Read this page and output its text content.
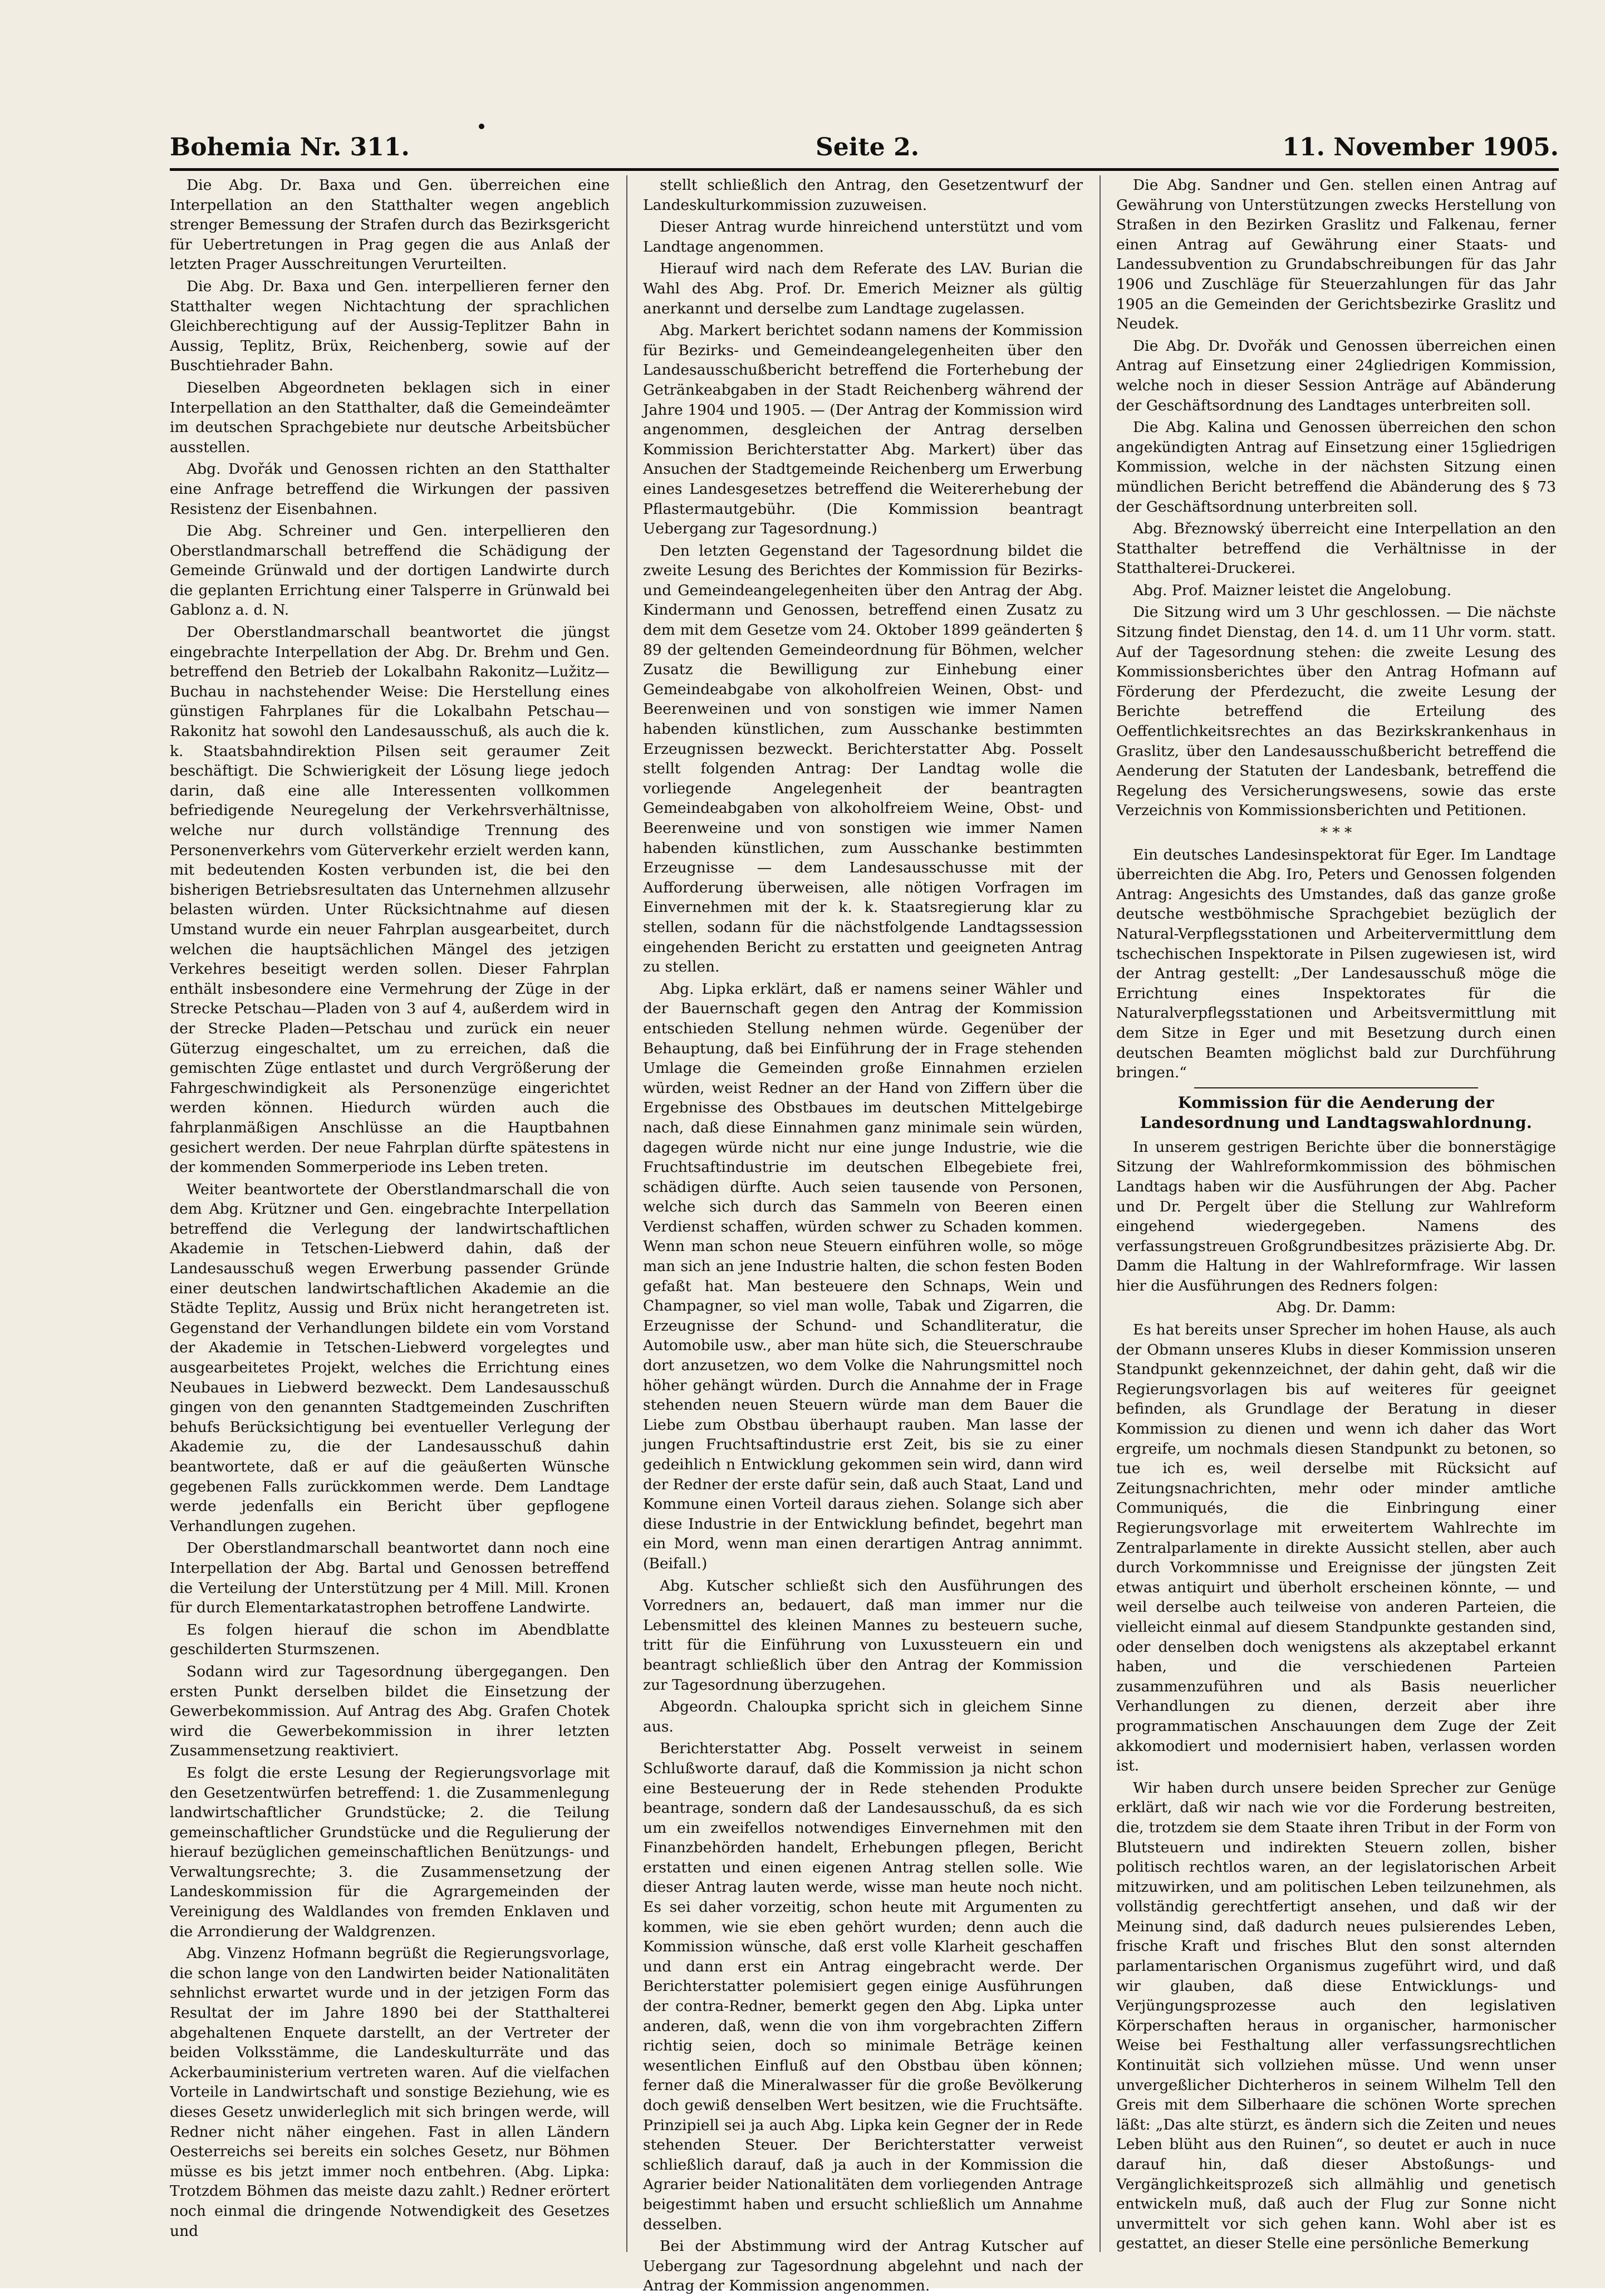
Bohemia Nr. 311.	Seite 2.	11. November 1905.

Die Abg. Dr. Baxa und Gen. überreichen eine Interpellation an den Statthalter wegen angeblich strenger Bemessung der Strafen durch das Bezirksgericht für Uebertretungen in Prag gegen die aus Anlaß der letzten Prager Ausschreitungen Verurteilten.

Die Abg. Dr. Baxa und Gen. interpellieren ferner den Statthalter wegen Nichtachtung der sprachlichen Gleichberechtigung auf der Aussig-Teplitzer Bahn in Aussig, Teplitz, Brüx, Reichenberg, sowie auf der Buschtiehrader Bahn.

Dieselben Abgeordneten beklagen sich in einer Interpellation an den Statthalter, daß die Gemeindeämter im deutschen Sprachgebiete nur deutsche Arbeitsbücher ausstellen.

Abg. Dvořák und Genossen richten an den Statthalter eine Anfrage betreffend die Wirkungen der passiven Resistenz der Eisenbahnen.

Die Abg. Schreiner und Gen. interpellieren den Oberstlandmarschall betreffend die Schädigung der Gemeinde Grünwald und der dortigen Landwirte durch die geplanten Errichtung einer Talsperre in Grünwald bei Gablonz a. d. N.

Der Oberstlandmarschall beantwortet die jüngst eingebrachte Interpellation der Abg. Dr. Brehm und Gen. betreffend den Betrieb der Lokalbahn Rakonitz—Lužitz—Buchau in nachstehender Weise: Die Herstellung eines günstigen Fahrplanes für die Lokalbahn Petschau—Rakonitz hat sowohl den Landesausschuß, als auch die k. k. Staatsbahndirektion Pilsen seit geraumer Zeit beschäftigt. Die Schwierigkeit der Lösung liege jedoch darin, daß eine alle Interessenten vollkommen befriedigende Neuregelung der Verkehrsverhältnisse, welche nur durch vollständige Trennung des Personenverkehrs vom Güterverkehr erzielt werden kann, mit bedeutenden Kosten verbunden ist, die bei den bisherigen Betriebsresultaten das Unternehmen allzusehr belasten würden. Unter Rücksichtnahme auf diesen Umstand wurde ein neuer Fahrplan ausgearbeitet, durch welchen die hauptsächlichen Mängel des jetzigen Verkehres beseitigt werden sollen. Dieser Fahrplan enthält insbesondere eine Vermehrung der Züge in der Strecke Petschau—Pladen von 3 auf 4, außerdem wird in der Strecke Pladen—Petschau und zurück ein neuer Güterzug eingeschaltet, um zu erreichen, daß die gemischten Züge entlastet und durch Vergrößerung der Fahrgeschwindigkeit als Personenzüge eingerichtet werden können. Hiedurch würden auch die fahrplanmäßigen Anschlüsse an die Hauptbahnen gesichert werden. Der neue Fahrplan dürfte spätestens in der kommenden Sommerperiode ins Leben treten.

Weiter beantwortete der Oberstlandmarschall die von dem Abg. Krützner und Gen. eingebrachte Interpellation betreffend die Verlegung der landwirtschaftlichen Akademie in Tetschen-Liebwerd dahin, daß der Landesausschuß wegen Erwerbung passender Gründe einer deutschen landwirtschaftlichen Akademie an die Städte Teplitz, Aussig und Brüx nicht herangetreten ist. Gegenstand der Verhandlungen bildete ein vom Vorstand der Akademie in Tetschen-Liebwerd vorgelegtes und ausgearbeitetes Projekt, welches die Errichtung eines Neubaues in Liebwerd bezweckt. Dem Landesausschuß gingen von den genannten Stadtgemeinden Zuschriften behufs Berücksichtigung bei eventueller Verlegung der Akademie zu, die der Landesausschuß dahin beantwortete, daß er auf die geäußerten Wünsche gegebenen Falls zurückkommen werde. Dem Landtage werde jedenfalls ein Bericht über gepflogene Verhandlungen zugehen.

Der Oberstlandmarschall beantwortet dann noch eine Interpellation der Abg. Bartal und Genossen betreffend die Verteilung der Unterstützung per 4 Mill. Mill. Kronen für durch Elementarkatastrophen betroffene Landwirte.

Es folgen hierauf die schon im Abendblatte geschilderten Sturmszenen.

Sodann wird zur Tagesordnung übergegangen. Den ersten Punkt derselben bildet die Einsetzung der Gewerbekommission. Auf Antrag des Abg. Grafen Chotek wird die Gewerbekommission in ihrer letzten Zusammensetzung reaktiviert.

Es folgt die erste Lesung der Regierungsvorlage mit den Gesetzentwürfen betreffend: 1. die Zusammenlegung landwirtschaftlicher Grundstücke; 2. die Teilung gemeinschaftlicher Grundstücke und die Regulierung der hierauf bezüglichen gemeinschaftlichen Benützungs- und Verwaltungsrechte; 3. die Zusammensetzung der Landeskommission für die Agrargemeinden der Vereinigung des Waldlandes von fremden Enklaven und die Arrondierung der Waldgrenzen.

Abg. Vinzenz Hofmann begrüßt die Regierungsvorlage, die schon lange von den Landwirten beider Nationalitäten sehnlichst erwartet wurde und in der jetzigen Form das Resultat der im Jahre 1890 bei der Statthalterei abgehaltenen Enquete darstellt, an der Vertreter der beiden Volksstämme, die Landeskulturräte und das Ackerbauministerium vertreten waren. Auf die vielfachen Vorteile in Landwirtschaft und sonstige Beziehung, wie es dieses Gesetz unwiderleglich mit sich bringen werde, will Redner nicht näher eingehen. Fast in allen Ländern Oesterreichs sei bereits ein solches Gesetz, nur Böhmen müsse es bis jetzt immer noch entbehren. (Abg. Lipka: Trotzdem Böhmen das meiste dazu zahlt.) Redner erörtert noch einmal die dringende Notwendigkeit des Gesetzes und

stellt schließlich den Antrag, den Gesetzentwurf der Landeskulturkommission zuzuweisen.

Dieser Antrag wurde hinreichend unterstützt und vom Landtage angenommen.

Hierauf wird nach dem Referate des LAV. Burian die Wahl des Abg. Prof. Dr. Emerich Meizner als gültig anerkannt und derselbe zum Landtage zugelassen.

Abg. Markert berichtet sodann namens der Kommission für Bezirks- und Gemeindeangelegenheiten über den Landesausschußbericht betreffend die Forterhebung der Getränkeabgaben in der Stadt Reichenberg während der Jahre 1904 und 1905. — (Der Antrag der Kommission wird angenommen, desgleichen der Antrag derselben Kommission Berichterstatter Abg. Markert) über das Ansuchen der Stadtgemeinde Reichenberg um Erwerbung eines Landesgesetzes betreffend die Weitererhebung der Pflastermautgebühr. (Die Kommission beantragt Uebergang zur Tagesordnung.)

Den letzten Gegenstand der Tagesordnung bildet die zweite Lesung des Berichtes der Kommission für Bezirks- und Gemeindeangelegenheiten über den Antrag der Abg. Kindermann und Genossen, betreffend einen Zusatz zu dem mit dem Gesetze vom 24. Oktober 1899 geänderten § 89 der geltenden Gemeindeordnung für Böhmen, welcher Zusatz die Bewilligung zur Einhebung einer Gemeindeabgabe von alkoholfreien Weinen, Obst- und Beerenweinen und von sonstigen wie immer Namen habenden künstlichen, zum Ausschanke bestimmten Erzeugnissen bezweckt. Berichterstatter Abg. Posselt stellt folgenden Antrag: Der Landtag wolle die vorliegende Angelegenheit der beantragten Gemeindeabgaben von alkoholfreiem Weine, Obst- und Beerenweine und von sonstigen wie immer Namen habenden künstlichen, zum Ausschanke bestimmten Erzeugnisse — dem Landesausschusse mit der Aufforderung überweisen, alle nötigen Vorfragen im Einvernehmen mit der k. k. Staatsregierung klar zu stellen, sodann für die nächstfolgende Landtagssession eingehenden Bericht zu erstatten und geeigneten Antrag zu stellen.

Abg. Lipka erklärt, daß er namens seiner Wähler und der Bauernschaft gegen den Antrag der Kommission entschieden Stellung nehmen würde. Gegenüber der Behauptung, daß bei Einführung der in Frage stehenden Umlage die Gemeinden große Einnahmen erzielen würden, weist Redner an der Hand von Ziffern über die Ergebnisse des Obstbaues im deutschen Mittelgebirge nach, daß diese Einnahmen ganz minimale sein würden, dagegen würde nicht nur eine junge Industrie, wie die Fruchtsaftindustrie im deutschen Elbegebiete frei, schädigen dürfte. Auch seien tausende von Personen, welche sich durch das Sammeln von Beeren einen Verdienst schaffen, würden schwer zu Schaden kommen. Wenn man schon neue Steuern einführen wolle, so möge man sich an jene Industrie halten, die schon festen Boden gefaßt hat. Man besteuere den Schnaps, Wein und Champagner, so viel man wolle, Tabak und Zigarren, die Erzeugnisse der Schund- und Schandliteratur, die Automobile usw., aber man hüte sich, die Steuerschraube dort anzusetzen, wo dem Volke die Nahrungsmittel noch höher gehängt würden. Durch die Annahme der in Frage stehenden neuen Steuern würde man dem Bauer die Liebe zum Obstbau überhaupt rauben. Man lasse der jungen Fruchtsaftindustrie erst Zeit, bis sie zu einer gedeihlich n Entwicklung gekommen sein wird, dann wird der Redner der erste dafür sein, daß auch Staat, Land und Kommune einen Vorteil daraus ziehen. Solange sich aber diese Industrie in der Entwicklung befindet, begehrt man ein Mord, wenn man einen derartigen Antrag annimmt. (Beifall.)

Abg. Kutscher schließt sich den Ausführungen des Vorredners an, bedauert, daß man immer nur die Lebensmittel des kleinen Mannes zu besteuern suche, tritt für die Einführung von Luxussteuern ein und beantragt schließlich über den Antrag der Kommission zur Tagesordnung überzugehen.

Abgeordn. Chaloupka spricht sich in gleichem Sinne aus.

Berichterstatter Abg. Posselt verweist in seinem Schlußworte darauf, daß die Kommission ja nicht schon eine Besteuerung der in Rede stehenden Produkte beantrage, sondern daß der Landesausschuß, da es sich um ein zweifellos notwendiges Einvernehmen mit den Finanzbehörden handelt, Erhebungen pflegen, Bericht erstatten und einen eigenen Antrag stellen solle. Wie dieser Antrag lauten werde, wisse man heute noch nicht. Es sei daher vorzeitig, schon heute mit Argumenten zu kommen, wie sie eben gehört wurden; denn auch die Kommission wünsche, daß erst volle Klarheit geschaffen und dann erst ein Antrag eingebracht werde. Der Berichterstatter polemisiert gegen einige Ausführungen der contra-Redner, bemerkt gegen den Abg. Lipka unter anderen, daß, wenn die von ihm vorgebrachten Ziffern richtig seien, doch so minimale Beträge keinen wesentlichen Einfluß auf den Obstbau üben können; ferner daß die Mineralwasser für die große Bevölkerung doch gewiß denselben Wert besitzen, wie die Fruchtsäfte. Prinzipiell sei ja auch Abg. Lipka kein Gegner der in Rede stehenden Steuer. Der Berichterstatter verweist schließlich darauf, daß ja auch in der Kommission die Agrarier beider Nationalitäten dem vorliegenden Antrage beigestimmt haben und ersucht schließlich um Annahme desselben.

Bei der Abstimmung wird der Antrag Kutscher auf Uebergang zur Tagesordnung abgelehnt und nach der Antrag der Kommission angenommen.

Die Abg. Sandner und Gen. stellen einen Antrag auf Gewährung von Unterstützungen zwecks Herstellung von Straßen in den Bezirken Graslitz und Falkenau, ferner einen Antrag auf Gewährung einer Staats- und Landessubvention zu Grundabschreibungen für das Jahr 1906 und Zuschläge für Steuerzahlungen für das Jahr 1905 an die Gemeinden der Gerichtsbezirke Graslitz und Neudek.

Die Abg. Dr. Dvořák und Genossen überreichen einen Antrag auf Einsetzung einer 24gliedrigen Kommission, welche noch in dieser Session Anträge auf Abänderung der Geschäftsordnung des Landtages unterbreiten soll.

Die Abg. Kalina und Genossen überreichen den schon angekündigten Antrag auf Einsetzung einer 15gliedrigen Kommission, welche in der nächsten Sitzung einen mündlichen Bericht betreffend die Abänderung des § 73 der Geschäftsordnung unterbreiten soll.

Abg. Březnowský überreicht eine Interpellation an den Statthalter betreffend die Verhältnisse in der Statthalterei-Druckerei.

Abg. Prof. Maizner leistet die Angelobung.

Die Sitzung wird um 3 Uhr geschlossen. — Die nächste Sitzung findet Dienstag, den 14. d. um 11 Uhr vorm. statt. Auf der Tagesordnung stehen: die zweite Lesung des Kommissionsberichtes über den Antrag Hofmann auf Förderung der Pferdezucht, die zweite Lesung der Berichte betreffend die Erteilung des Oeffentlichkeitsrechtes an das Bezirkskrankenhaus in Graslitz, über den Landesausschußbericht betreffend die Aenderung der Statuten der Landesbank, betreffend die Regelung des Versicherungswesens, sowie das erste Verzeichnis von Kommissionsberichten und Petitionen.

* * *

Ein deutsches Landesinspektorat für Eger. Im Landtage überreichten die Abg. Iro, Peters und Genossen folgenden Antrag: Angesichts des Umstandes, daß das ganze große deutsche westböhmische Sprachgebiet bezüglich der Natural-Verpflegsstationen und Arbeitervermittlung dem tschechischen Inspektorate in Pilsen zugewiesen ist, wird der Antrag gestellt: „Der Landesausschuß möge die Errichtung eines Inspektorates für die Naturalverpflegsstationen und Arbeitsvermittlung mit dem Sitze in Eger und mit Besetzung durch einen deutschen Beamten möglichst bald zur Durchführung bringen.“

Kommission für die Aenderung der Landesordnung und Landtagswahlordnung.

In unserem gestrigen Berichte über die bonnerstägige Sitzung der Wahlreformkommission des böhmischen Landtags haben wir die Ausführungen der Abg. Pacher und Dr. Pergelt über die Stellung zur Wahlreform eingehend wiedergegeben. Namens des verfassungstreuen Großgrundbesitzes präzisierte Abg. Dr. Damm die Haltung in der Wahlreformfrage. Wir lassen hier die Ausführungen des Redners folgen:

Abg. Dr. Damm:

Es hat bereits unser Sprecher im hohen Hause, als auch der Obmann unseres Klubs in dieser Kommission unseren Standpunkt gekennzeichnet, der dahin geht, daß wir die Regierungsvorlagen bis auf weiteres für geeignet befinden, als Grundlage der Beratung in dieser Kommission zu dienen und wenn ich daher das Wort ergreife, um nochmals diesen Standpunkt zu betonen, so tue ich es, weil derselbe mit Rücksicht auf Zeitungsnachrichten, mehr oder minder amtliche Communiqués, die die Einbringung einer Regierungsvorlage mit erweitertem Wahlrechte im Zentralparlamente in direkte Aussicht stellen, aber auch durch Vorkommnisse und Ereignisse der jüngsten Zeit etwas antiquirt und überholt erscheinen könnte, — und weil derselbe auch teilweise von anderen Parteien, die vielleicht einmal auf diesem Standpunkte gestanden sind, oder denselben doch wenigstens als akzeptabel erkannt haben, und die verschiedenen Parteien zusammenzuführen und als Basis neuerlicher Verhandlungen zu dienen, derzeit aber ihre programmatischen Anschauungen dem Zuge der Zeit akkomodiert und modernisiert haben, verlassen worden ist.

Wir haben durch unsere beiden Sprecher zur Genüge erklärt, daß wir nach wie vor die Forderung bestreiten, die, trotzdem sie dem Staate ihren Tribut in der Form von Blutsteuern und indirekten Steuern zollen, bisher politisch rechtlos waren, an der legislatorischen Arbeit mitzuwirken, und am politischen Leben teilzunehmen, als vollständig gerechtfertigt ansehen, und daß wir der Meinung sind, daß dadurch neues pulsierendes Leben, frische Kraft und frisches Blut den sonst alternden parlamentarischen Organismus zugeführt wird, und daß wir glauben, daß diese Entwicklungs- und Verjüngungsprozesse auch den legislativen Körperschaften heraus in organischer, harmonischer Weise bei Festhaltung aller verfassungsrechtlichen Kontinuität sich vollziehen müsse. Und wenn unser unvergeßlicher Dichterheros in seinem Wilhelm Tell den Greis mit dem Silberhaare die schönen Worte sprechen läßt: „Das alte stürzt, es ändern sich die Zeiten und neues Leben blüht aus den Ruinen“, so deutet er auch in nuce darauf hin, daß dieser Abstoßungs- und Vergänglichkeitsprozeß sich allmählig und genetisch entwickeln muß, daß auch der Flug zur Sonne nicht unvermittelt vor sich gehen kann. Wohl aber ist es gestattet, an dieser Stelle eine persönliche Bemerkung
